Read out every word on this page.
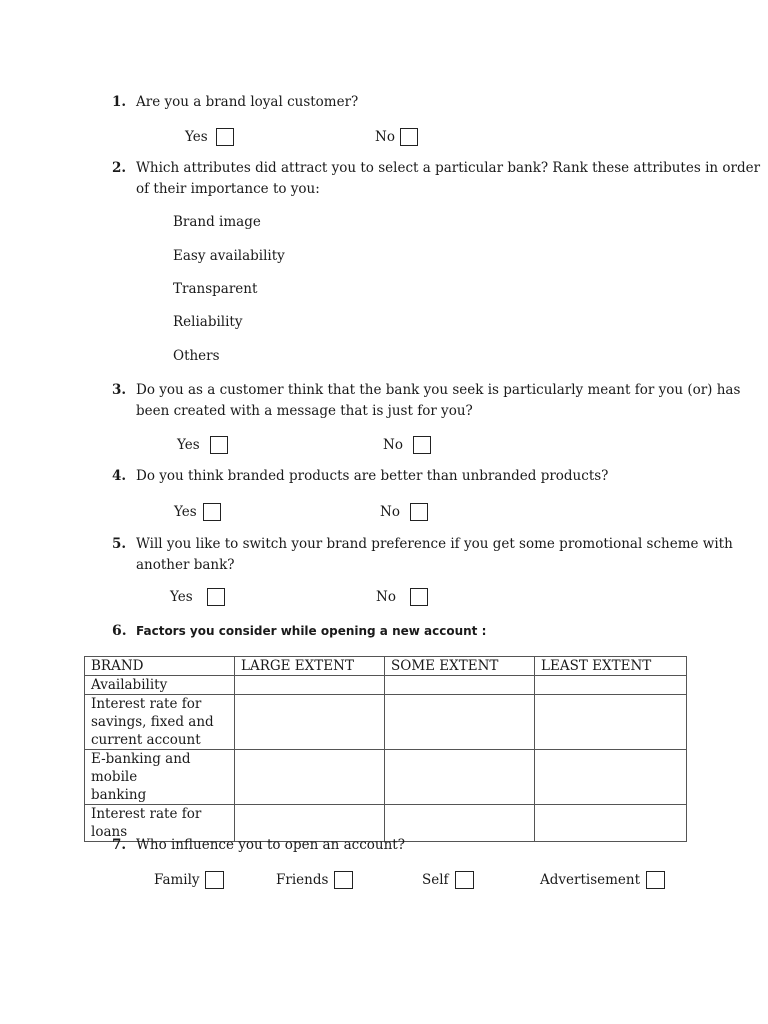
1. Are you a brand loyal customer?
Yes	No
2. Which attributes did attract you to select a particular bank? Rank these attributes in order
of their importance to you:
Brand image
Easy availability
Transparent
Reliability
Others
3. Do you as a customer think that the bank you seek is particularly meant for you (or) has
been created with a message that is just for you?
Yes	No
4. Do you think branded products are better than unbranded products?
Yes	No
5. Will you like to switch your brand preference if you get some promotional scheme with
another bank?
Yes	No
6. Factors you consider while opening a new account :
BRAND	LARGE EXTENT	SOME EXTENT	LEAST EXTENT
Availability			

Interest rate for
savings, fixed and
current account			

E-banking and mobile
banking			

Interest rate for loans			
7. Who influence you to open an account?
Family	Friends	Self	Advertisement
